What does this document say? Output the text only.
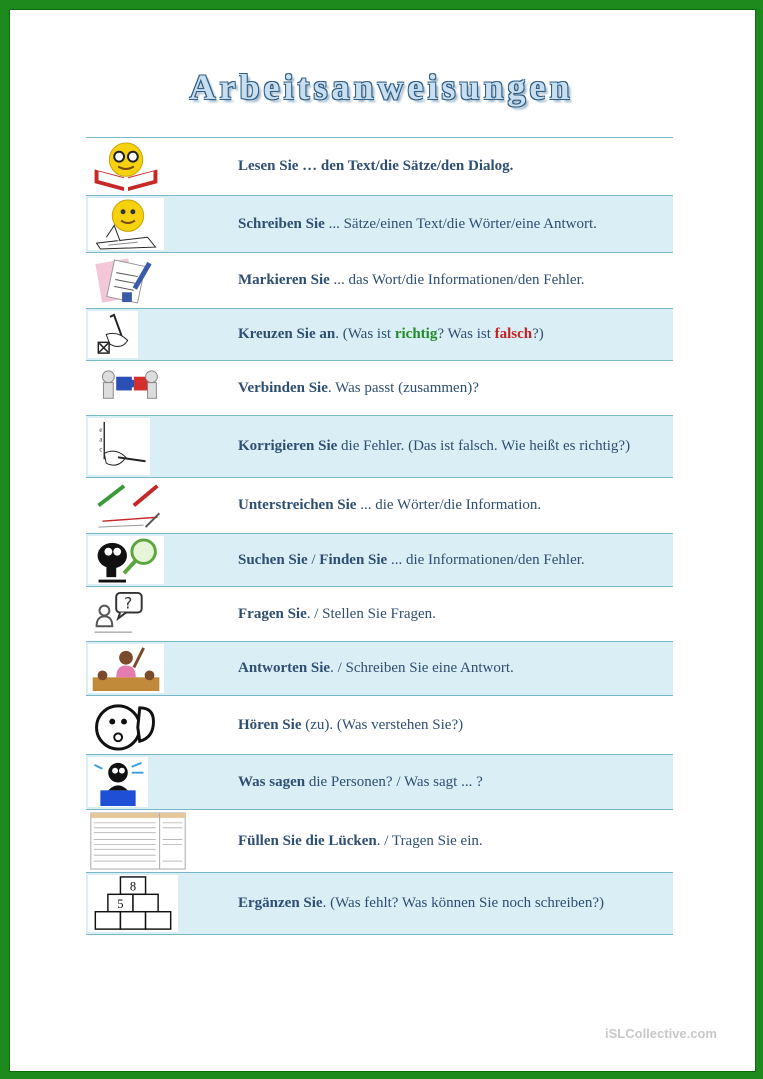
Arbeitsanweisungen
Lesen Sie … den Text/die Sätze/den Dialog.
Schreiben Sie ... Sätze/einen Text/die Wörter/eine Antwort.
Markieren Sie ... das Wort/die Informationen/den Fehler.
Kreuzen Sie an. (Was ist richtig? Was ist falsch?)
Verbinden Sie. Was passt (zusammen)?
e
a
c	Korrigieren Sie die Fehler. (Das ist falsch. Wie heißt es richtig?)
Unterstreichen Sie ... die Wörter/die Information.
Suchen Sie / Finden Sie ... die Informationen/den Fehler.
?
Fragen Sie. / Stellen Sie Fragen.
Antworten Sie. / Schreiben Sie eine Antwort.
Hören Sie (zu). (Was verstehen Sie?)
Was sagen die Personen? / Was sagt ... ?
Füllen Sie die Lücken. / Tragen Sie ein.
8
5	Ergänzen Sie. (Was fehlt? Was können Sie noch schreiben?)
iSLCollective.com
